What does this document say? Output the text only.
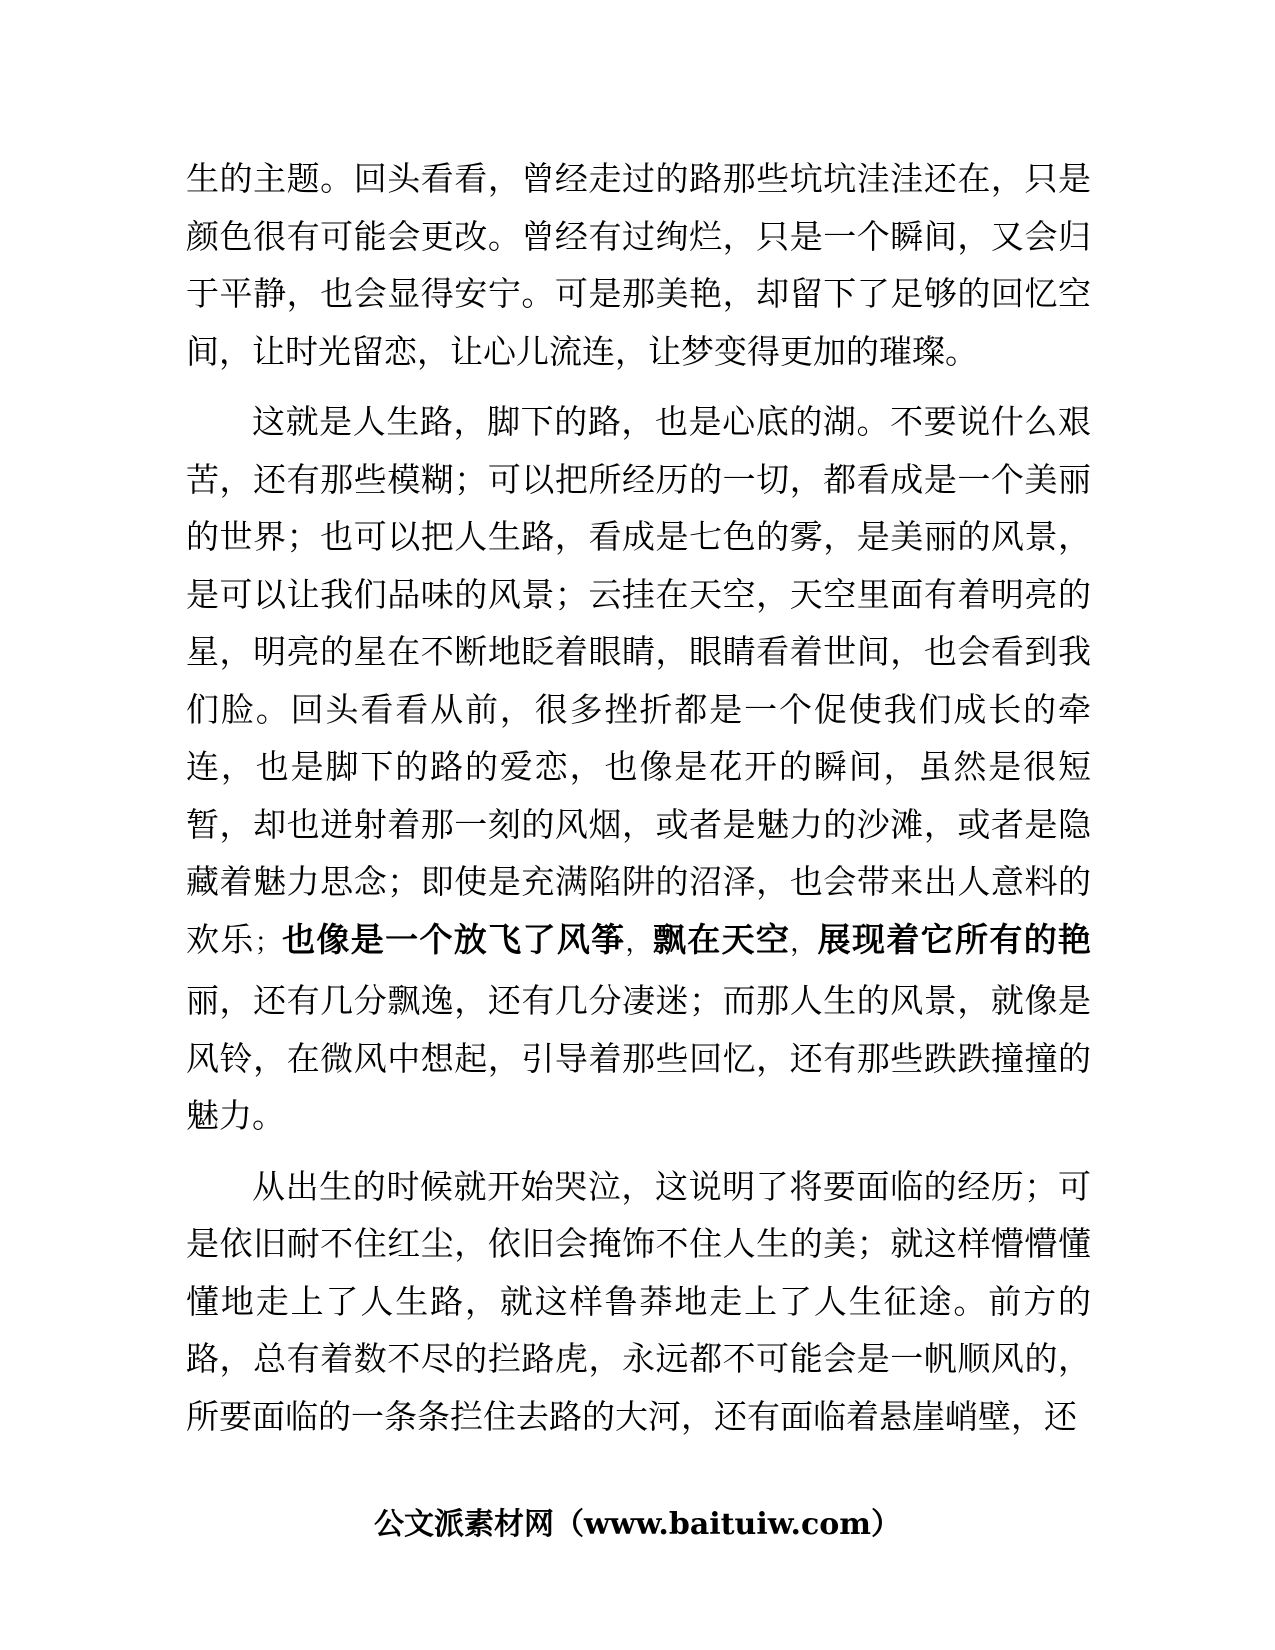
生的主题。回头看看，曾经走过的路那些坑坑洼洼还在，只是颜色很有可能会更改。曾经有过绚烂，只是一个瞬间，又会归于平静，也会显得安宁。可是那美艳，却留下了足够的回忆空间，让时光留恋，让心儿流连，让梦变得更加的璀璨。

这就是人生路，脚下的路，也是心底的湖。不要说什么艰苦，还有那些模糊；可以把所经历的一切，都看成是一个美丽的世界；也可以把人生路，看成是七色的雾，是美丽的风景，是可以让我们品味的风景；云挂在天空，天空里面有着明亮的星，明亮的星在不断地眨着眼睛，眼睛看着世间，也会看到我们脸。回头看看从前，很多挫折都是一个促使我们成长的牵连，也是脚下的路的爱恋，也像是花开的瞬间，虽然是很短暂，却也迸射着那一刻的风烟，或者是魅力的沙滩，或者是隐藏着魅力思念；即使是充满陷阱的沼泽，也会带来出人意料的欢乐；也像是一个放飞了风筝，飘在天空，展现着它所有的艳丽，还有几分飘逸，还有几分凄迷；而那人生的风景，就像是风铃，在微风中想起，引导着那些回忆，还有那些跌跌撞撞的魅力。

从出生的时候就开始哭泣，这说明了将要面临的经历；可是依旧耐不住红尘，依旧会掩饰不住人生的美；就这样懵懵懂懂地走上了人生路，就这样鲁莽地走上了人生征途。前方的路，总有着数不尽的拦路虎，永远都不可能会是一帆顺风的，所要面临的一条条拦住去路的大河，还有面临着悬崖峭壁，还

公文派素材网（www.baituiw.com）
